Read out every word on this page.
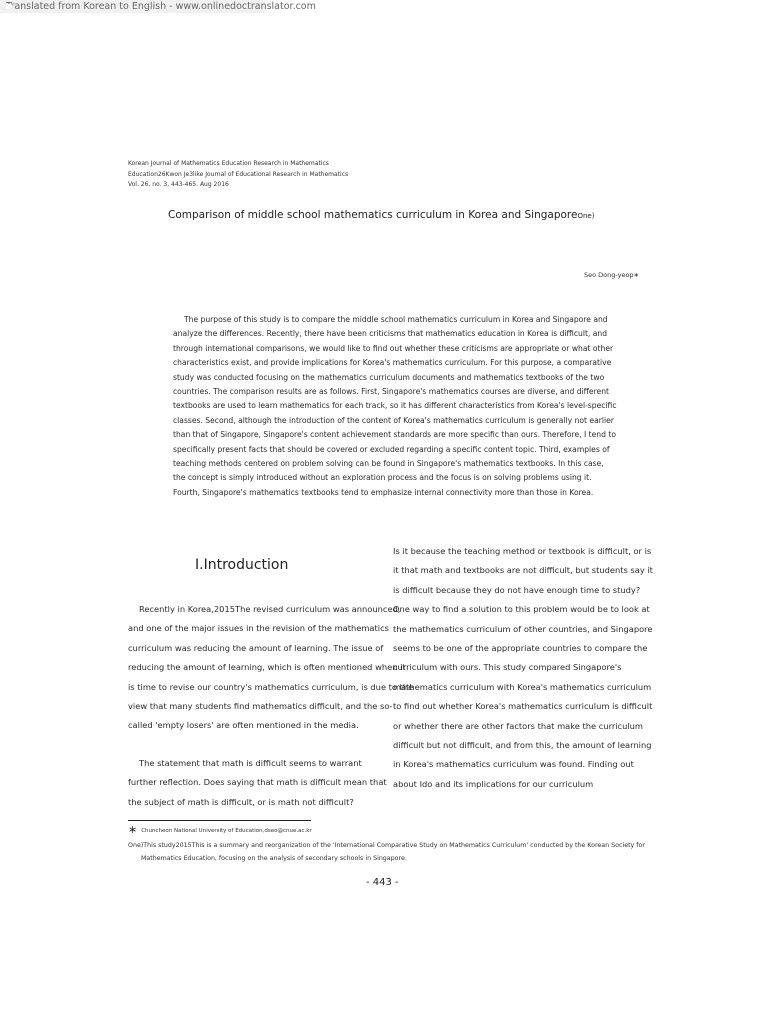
Translated from Korean to English - www.onlinedoctranslator.com
Korean Journal of Mathematics Education Research in Mathematics
Education26Kwon Je3like Journal of Educational Research in Mathematics
Vol. 26, no. 3, 443-465. Aug 2016
Comparison of middle school mathematics curriculum in Korea and SingaporeOne)
Seo Dong-yeop∗
The purpose of this study is to compare the middle school mathematics curriculum in Korea and Singapore and
analyze the differences. Recently, there have been criticisms that mathematics education in Korea is difficult, and
through international comparisons, we would like to find out whether these criticisms are appropriate or what other
characteristics exist, and provide implications for Korea's mathematics curriculum. For this purpose, a comparative
study was conducted focusing on the mathematics curriculum documents and mathematics textbooks of the two
countries. The comparison results are as follows. First, Singapore's mathematics courses are diverse, and different
textbooks are used to learn mathematics for each track, so it has different characteristics from Korea's level-specific
classes. Second, although the introduction of the content of Korea's mathematics curriculum is generally not earlier
than that of Singapore, Singapore's content achievement standards are more specific than ours. Therefore, I tend to
specifically present facts that should be covered or excluded regarding a specific content topic. Third, examples of
teaching methods centered on problem solving can be found in Singapore's mathematics textbooks. In this case,
the concept is simply introduced without an exploration process and the focus is on solving problems using it.
Fourth, Singapore's mathematics textbooks tend to emphasize internal connectivity more than those in Korea.
I.Introduction
Recently in Korea,2015The revised curriculum was announced,
and one of the major issues in the revision of the mathematics
curriculum was reducing the amount of learning. The issue of
reducing the amount of learning, which is often mentioned when it
is time to revise our country's mathematics curriculum, is due to the
view that many students find mathematics difficult, and the so-
called 'empty losers' are often mentioned in the media.
The statement that math is difficult seems to warrant
further reflection. Does saying that math is difficult mean that
the subject of math is difficult, or is math not difficult?
Is it because the teaching method or textbook is difficult, or is
it that math and textbooks are not difficult, but students say it
is difficult because they do not have enough time to study?
One way to find a solution to this problem would be to look at
the mathematics curriculum of other countries, and Singapore
seems to be one of the appropriate countries to compare the
curriculum with ours. This study compared Singapore's
mathematics curriculum with Korea's mathematics curriculum
to find out whether Korea's mathematics curriculum is difficult
or whether there are other factors that make the curriculum
difficult but not difficult, and from this, the amount of learning
in Korea's mathematics curriculum was found. Finding out
about Ido and its implications for our curriculum
∗ Chuncheon National University of Education,dseo@cnue.ac.kr
One)This study2015This is a summary and reorganization of the 'International Comparative Study on Mathematics Curriculum' conducted by the Korean Society for
Mathematics Education, focusing on the analysis of secondary schools in Singapore.
- 443 -
